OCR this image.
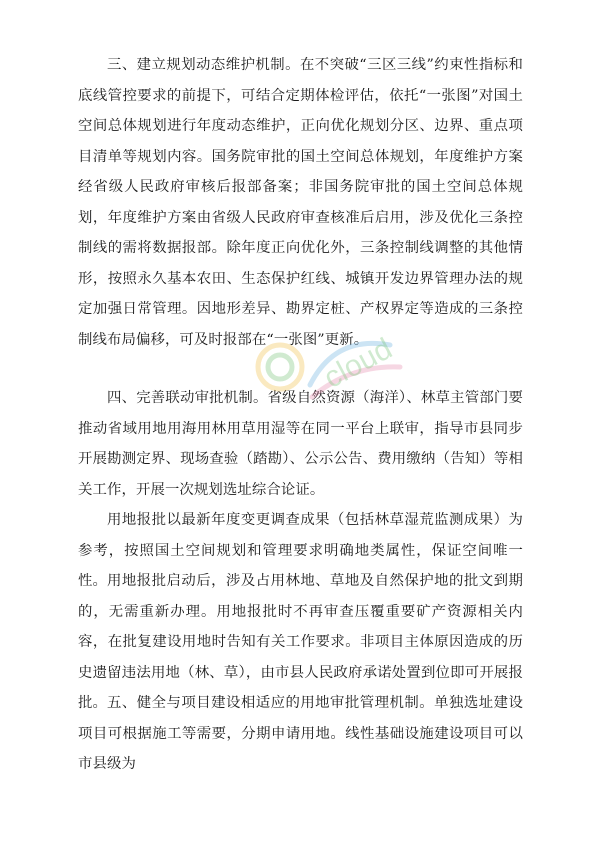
三、建立规划动态维护机制。在不突破“三区三线”约束性指标和底线管控要求的前提下，可结合定期体检评估，依托“一张图”对国土空间总体规划进行年度动态维护，正向优化规划分区、边界、重点项目清单等规划内容。国务院审批的国土空间总体规划，年度维护方案经省级人民政府审核后报部备案；非国务院审批的国土空间总体规划，年度维护方案由省级人民政府审查核准后启用，涉及优化三条控制线的需将数据报部。除年度正向优化外，三条控制线调整的其他情形，按照永久基本农田、生态保护红线、城镇开发边界管理办法的规定加强日常管理。因地形差异、勘界定桩、产权界定等造成的三条控制线布局偏移，可及时报部在“一张图”更新。

四、完善联动审批机制。省级自然资源（海洋）、林草主管部门要推动省域用地用海用林用草用湿等在同一平台上联审，指导市县同步开展勘测定界、现场查验（踏勘）、公示公告、费用缴纳（告知）等相关工作，开展一次规划选址综合论证。

用地报批以最新年度变更调查成果（包括林草湿荒监测成果）为参考，按照国土空间规划和管理要求明确地类属性，保证空间唯一性。 用地报批启动后，涉及占用林地、草地及自然保护地的批文到期的，无需重新办理。用地报批时不再审查压覆重要矿产资源相关内容，在批复建设用地时告知有关工作要求。非项目主体原因造成的历史遗留违法用地（林、草），由市县人民政府承诺处置到位即可开展报批。 五、健全与项目建设相适应的用地审批管理机制。单独选址建设项目可根据施工等需要，分期申请用地。线性基础设施建设项目可以市县级为

cloud
